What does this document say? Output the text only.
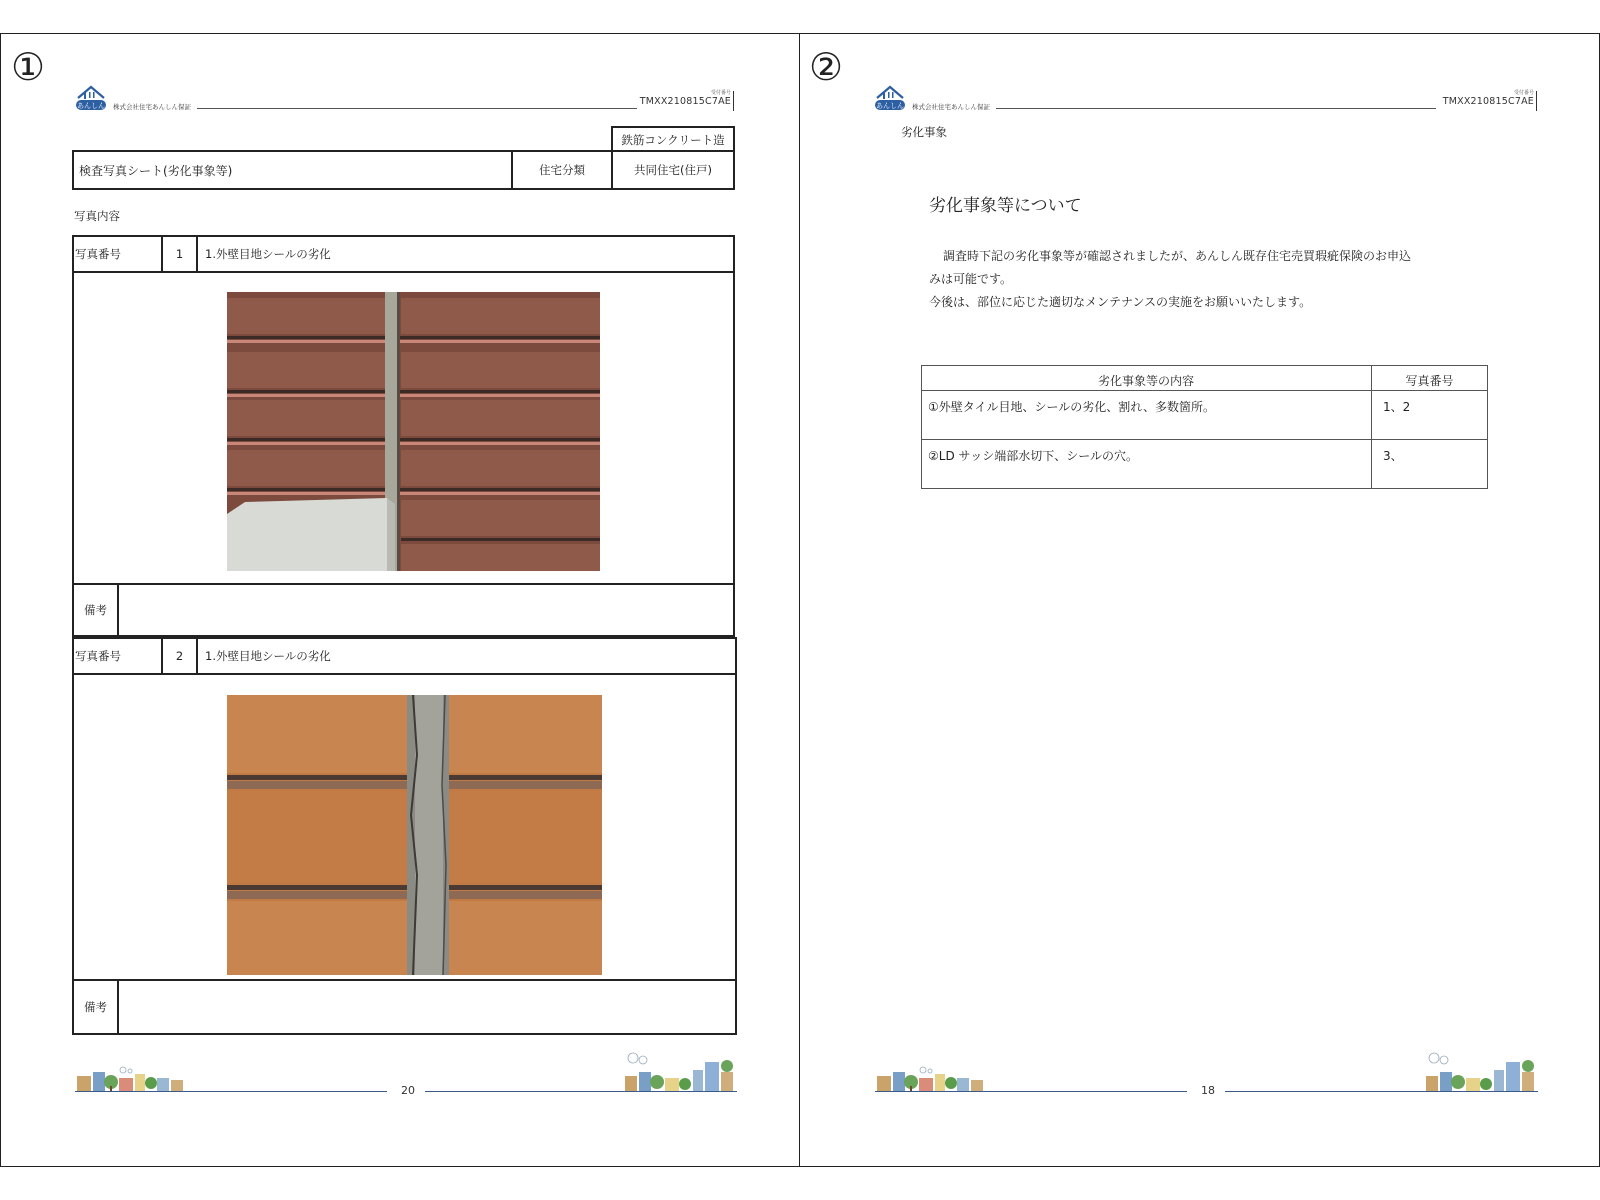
①
あんしん 株式会社住宅あんしん保証
受付番号
TMXX210815C7AE
鉄筋コンクリート造
検査写真シート(劣化事象等)	住宅分類	共同住宅(住戸)
写真内容
写真番号	1	1.外壁目地シールの劣化
備考
写真番号	2	1.外壁目地シールの劣化
備考
20
②
あんしん 株式会社住宅あんしん保証
受付番号
TMXX210815C7AE
劣化事象
劣化事象等について
調査時下記の劣化事象等が確認されましたが、あんしん既存住宅売買瑕疵保険のお申込
みは可能です。
今後は、部位に応じた適切なメンテナンスの実施をお願いいたします。
劣化事象等の内容	写真番号
①外壁タイル目地、シールの劣化、割れ、多数箇所。	1、2
②LD サッシ端部水切下、シールの穴。	3、
18
